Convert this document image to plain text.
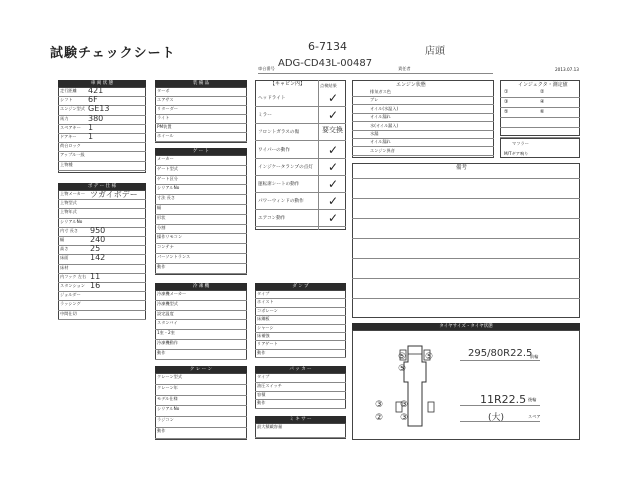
試験チェックシート	6-7134	店頭
2013.07.13
車台番号 ADG-CD43L-00487	責任者
車 両 状 態
ボ デ ー 仕 様
装 備 品
ゲ ー ト
冷 凍 機
ク レ ー ン
【キャビン内】	点検結果
ダ ン プ
パ ッ カ ー
ミ キ サ ー
エンジン状態	インジェクタ・測定値
マフラー
M/Tギア鳴り
備考
タイヤサイズ・タイヤ状態
295/80R22.5
前輪
11R22.5 後輪
(大)	スペア
走行距離 421
シフト 6F
エンジン型式 GE13
馬力 380
スペアキー 1
ドアキー 1
荷台ロック
アップル一級
上物種
上物メーカー ツガイボデー
上物型式
上物年式
シリアルNo
内寸 長さ 950
幅	240
高さ	25
床面	142
床材
内フック 左右 11
スタンション 16
ジョルダー
ラッシング
中間仕切
ターボ
エアサス
リターダー
ライト
PM装置
ホイール
メーカー
ゲート型式
ゲート区分
シリアルNo
寸法 長さ
幅
形状
分割
操作リモコン
コンテナ
パーソントランス
動作
冷凍機メーカー
冷凍機型式
設定温度
スタンバイ
1室・2室
冷凍機動作
動作
クレーン型式
クレーン年
モデル仕様
シリアルNo
ラジコン
動作
タイプ
ホイスト
コボレーン
床鋼板
シャーシ
床補強
リアゲート
動作
タイプ
油圧スイッチ
容積
動作
最大積載容量
ヘッドライト	✓
ミラー	✓
フロントガラスの傷	要交換
ワイパーの動作	✓
インジケータランプの点灯 ✓
運転席シートの動作 ✓
パワーウィンドの動作 ✓
エアコン動作	✓
排気ガス色
ブレ
オイル(水温入)
オイル漏れ
水(オイル漏入)
水漏
オイル漏れ
エンジン異音
①	②
③	④
⑤	⑥
⑤ ⑤
⑤
③ ③
② ③
